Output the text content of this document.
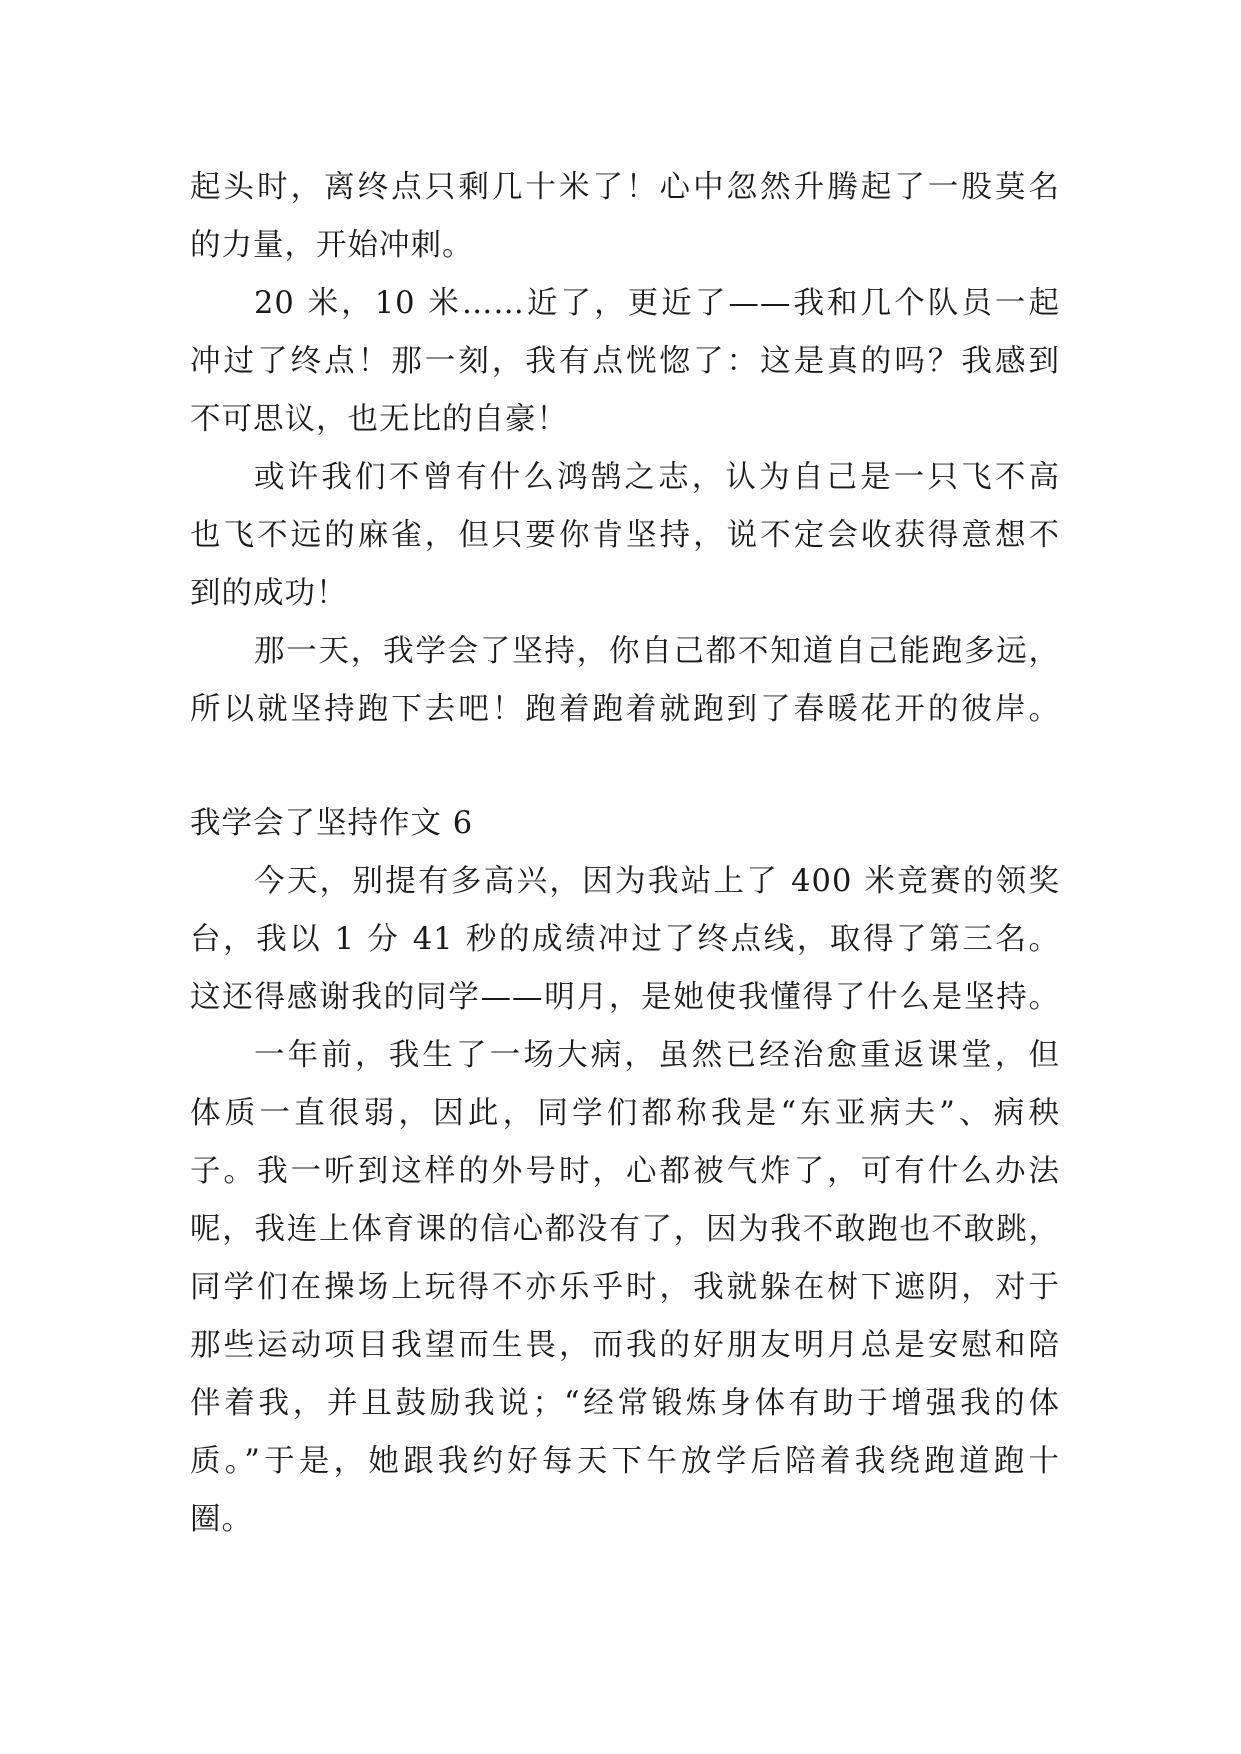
起头时，离终点只剩几十米了！心中忽然升腾起了一股莫名
的力量，开始冲刺。
20 米，10 米……近了，更近了——我和几个队员一起
冲过了终点！那一刻，我有点恍惚了：这是真的吗？我感到
不可思议，也无比的自豪！
或许我们不曾有什么鸿鹄之志，认为自己是一只飞不高
也飞不远的麻雀，但只要你肯坚持，说不定会收获得意想不
到的成功！
那一天，我学会了坚持，你自己都不知道自己能跑多远，
所以就坚持跑下去吧！跑着跑着就跑到了春暖花开的彼岸。
我学会了坚持作文 6
今天，别提有多高兴，因为我站上了 400 米竞赛的领奖
台，我以 1 分 41 秒的成绩冲过了终点线，取得了第三名。
这还得感谢我的同学——明月，是她使我懂得了什么是坚持。
一年前，我生了一场大病，虽然已经治愈重返课堂，但
体质一直很弱，因此，同学们都称我是“东亚病夫”、病秧
子。我一听到这样的外号时，心都被气炸了，可有什么办法
呢，我连上体育课的信心都没有了，因为我不敢跑也不敢跳，
同学们在操场上玩得不亦乐乎时，我就躲在树下遮阴，对于
那些运动项目我望而生畏，而我的好朋友明月总是安慰和陪
伴着我，并且鼓励我说；“经常锻炼身体有助于增强我的体
质。”于是，她跟我约好每天下午放学后陪着我绕跑道跑十
圈。
